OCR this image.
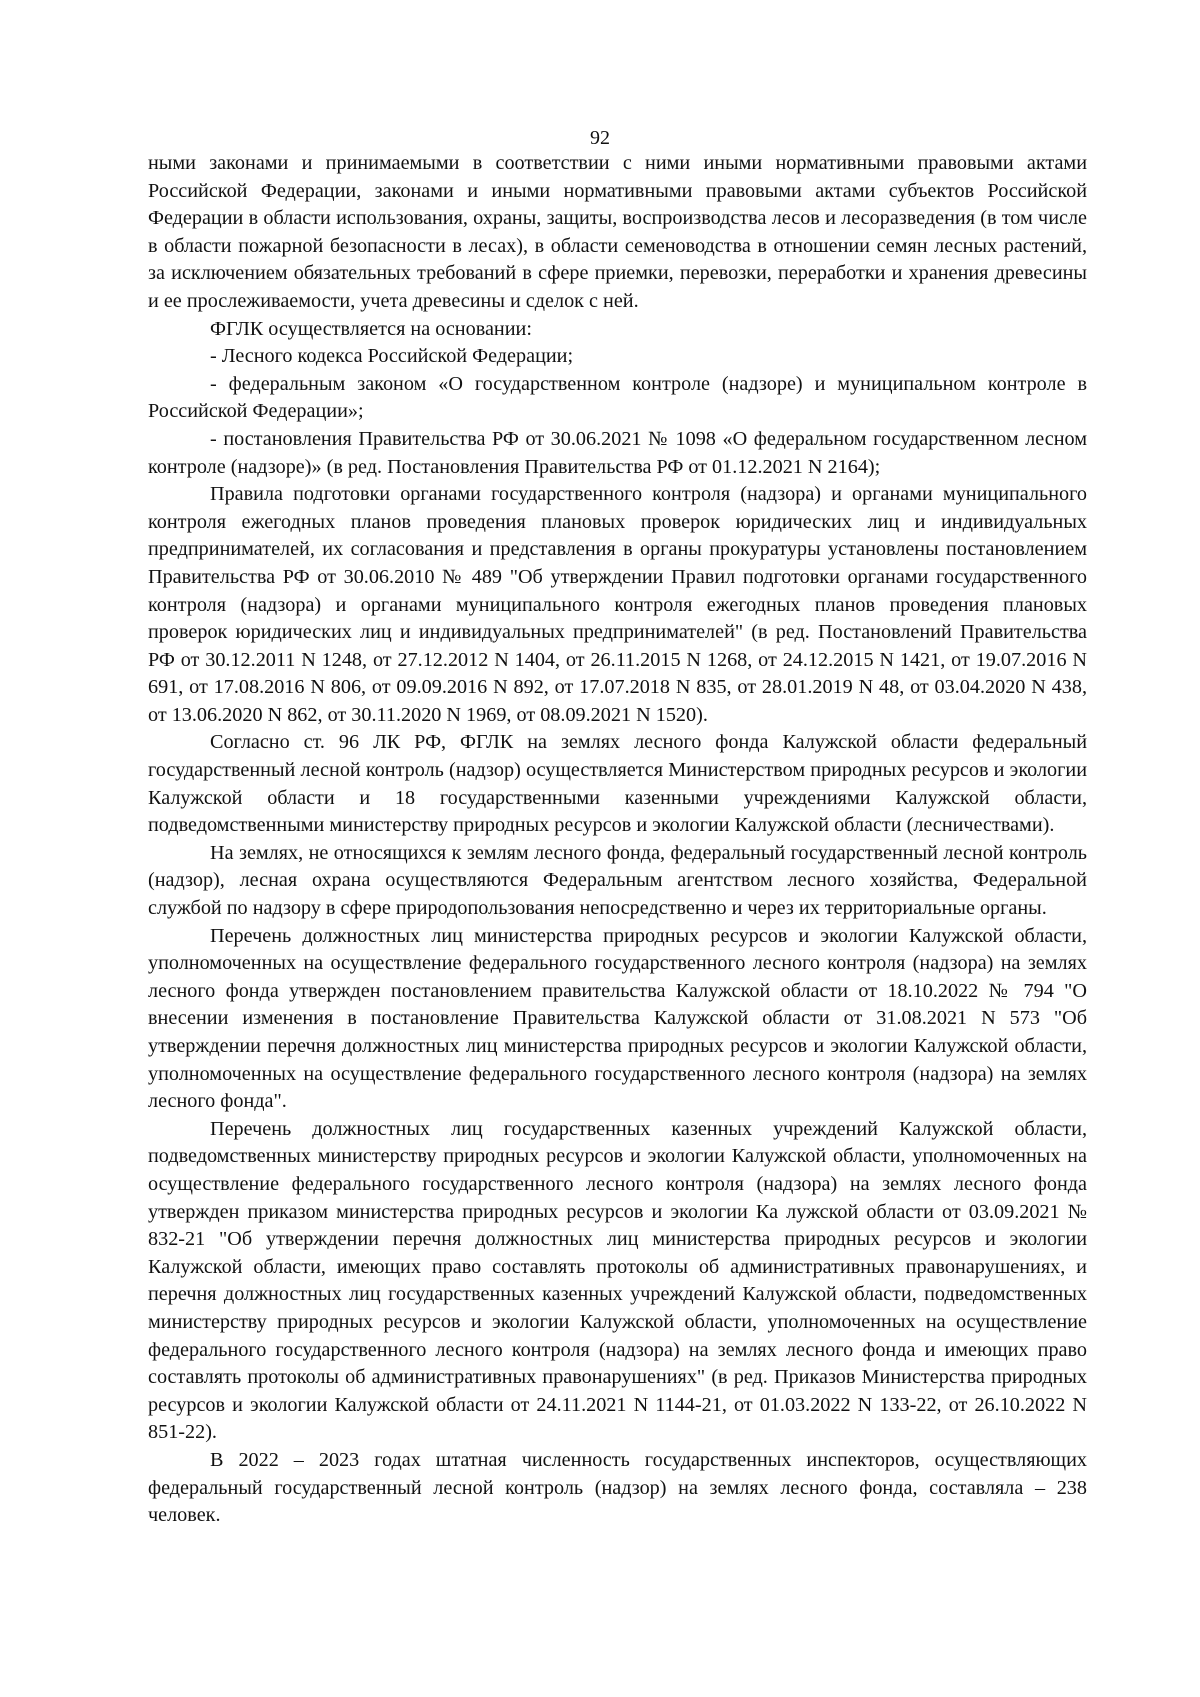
92

ными законами и принимаемыми в соответствии с ними иными нормативными правовыми актами Российской Федерации, законами и иными нормативными правовыми актами субъектов Российской Федерации в области использования, охраны, защиты, воспроизводства лесов и лесоразведения (в том числе в области пожарной безопасности в лесах), в области семеноводства в отношении семян лесных растений, за исключением обязательных требований в сфере приемки, перевозки, переработки и хранения древесины и ее прослеживаемости, учета древесины и сделок с ней.

ФГЛК осуществляется на основании:

- Лесного кодекса Российской Федерации;

- федеральным законом «О государственном контроле (надзоре) и муниципальном контроле в Российской Федерации»;

- постановления Правительства РФ от 30.06.2021 № 1098 «О федеральном государственном лесном контроле (надзоре)» (в ред. Постановления Правительства РФ от 01.12.2021 N 2164);

Правила подготовки органами государственного контроля (надзора) и органами муниципального контроля ежегодных планов проведения плановых проверок юридических лиц и индивидуальных предпринимателей, их согласования и представления в органы прокуратуры установлены постановлением Правительства РФ от 30.06.2010 № 489 "Об утверждении Правил подготовки органами государственного контроля (надзора) и органами муниципального контроля ежегодных планов проведения плановых проверок юридических лиц и индивидуальных предпринимателей" (в ред. Постановлений Правительства РФ от 30.12.2011 N 1248, от 27.12.2012 N 1404, от 26.11.2015 N 1268, от 24.12.2015 N 1421, от 19.07.2016 N 691, от 17.08.2016 N 806, от 09.09.2016 N 892, от 17.07.2018 N 835, от 28.01.2019 N 48, от 03.04.2020 N 438, от 13.06.2020 N 862, от 30.11.2020 N 1969, от 08.09.2021 N 1520).

Согласно ст. 96 ЛК РФ, ФГЛК на землях лесного фонда Калужской области федеральный государственный лесной контроль (надзор) осуществляется Министерством природных ресурсов и экологии Калужской области и 18 государственными казенными учреждениями Калужской области, подведомственными министерству природных ресурсов и экологии Калужской области (лесничествами).

На землях, не относящихся к землям лесного фонда, федеральный государственный лесной контроль (надзор), лесная охрана осуществляются Федеральным агентством лесного хозяйства, Федеральной службой по надзору в сфере природопользования непосредственно и через их территориальные органы.

Перечень должностных лиц министерства природных ресурсов и экологии Калужской области, уполномоченных на осуществление федерального государственного лесного контроля (надзора) на землях лесного фонда утвержден постановлением правительства Калужской области от 18.10.2022 № 794 "О внесении изменения в постановление Правительства Калужской области от 31.08.2021 N 573 "Об утверждении перечня должностных лиц министерства природных ресурсов и экологии Калужской области, уполномоченных на осуществление федерального государственного лесного контроля (надзора) на землях лесного фонда".

Перечень должностных лиц государственных казенных учреждений Калужской области, подведомственных министерству природных ресурсов и экологии Калужской области, уполномоченных на осуществление федерального государственного лесного контроля (надзора) на землях лесного фонда утвержден приказом министерства природных ресурсов и экологии Ка лужской области от 03.09.2021 № 832-21 "Об утверждении перечня должностных лиц министерства природных ресурсов и экологии Калужской области, имеющих право составлять протоколы об административных правонарушениях, и перечня должностных лиц государственных казенных учреждений Калужской области, подведомственных министерству природных ресурсов и экологии Калужской области, уполномоченных на осуществление федерального государственного лесного контроля (надзора) на землях лесного фонда и имеющих право составлять протоколы об административных правонарушениях" (в ред. Приказов Министерства природных ресурсов и экологии Калужской области от 24.11.2021 N 1144-21, от 01.03.2022 N 133-22, от 26.10.2022 N 851-22).

В 2022 – 2023 годах штатная численность государственных инспекторов, осуществляющих федеральный государственный лесной контроль (надзор) на землях лесного фонда, составляла – 238 человек.
